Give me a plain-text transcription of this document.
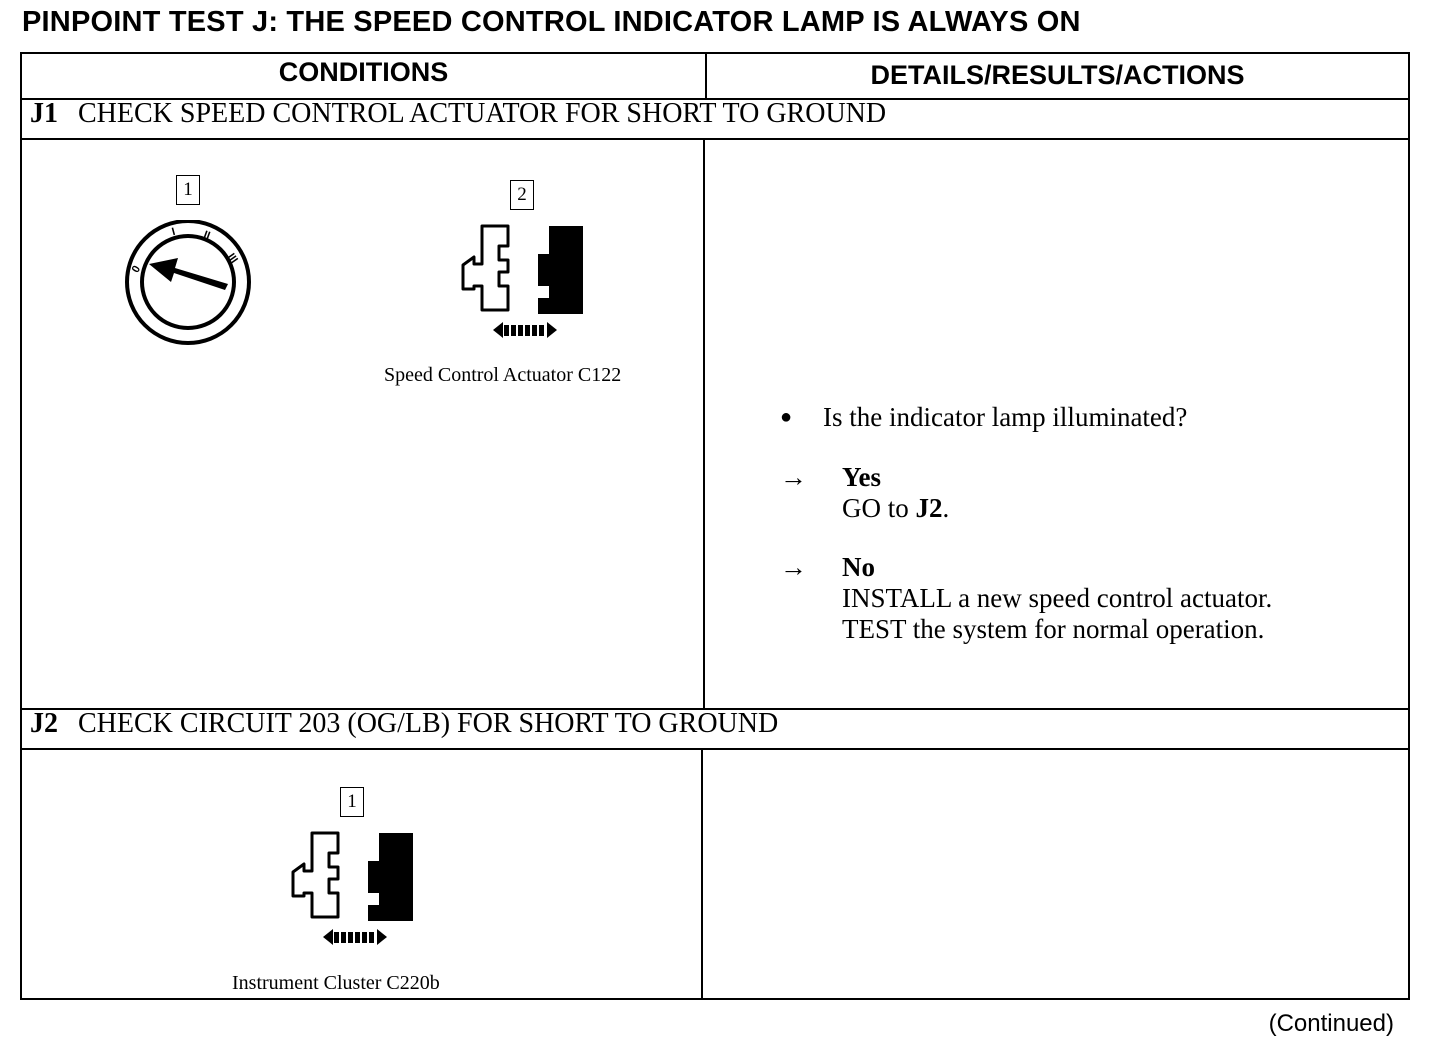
PINPOINT TEST J: THE SPEED CONTROL INDICATOR LAMP IS ALWAYS ON
CONDITIONS	DETAILS/RESULTS/ACTIONS
J1 CHECK SPEED CONTROL ACTUATOR FOR SHORT TO GROUND
1	2
0
I II
III
Speed Control Actuator C122
● Is the indicator lamp illuminated?
→ Yes
GO to J2.
→ No
INSTALL a new speed control actuator.
TEST the system for normal operation.
J2 CHECK CIRCUIT 203 (OG/LB) FOR SHORT TO GROUND
1
Instrument Cluster C220b
(Continued)
